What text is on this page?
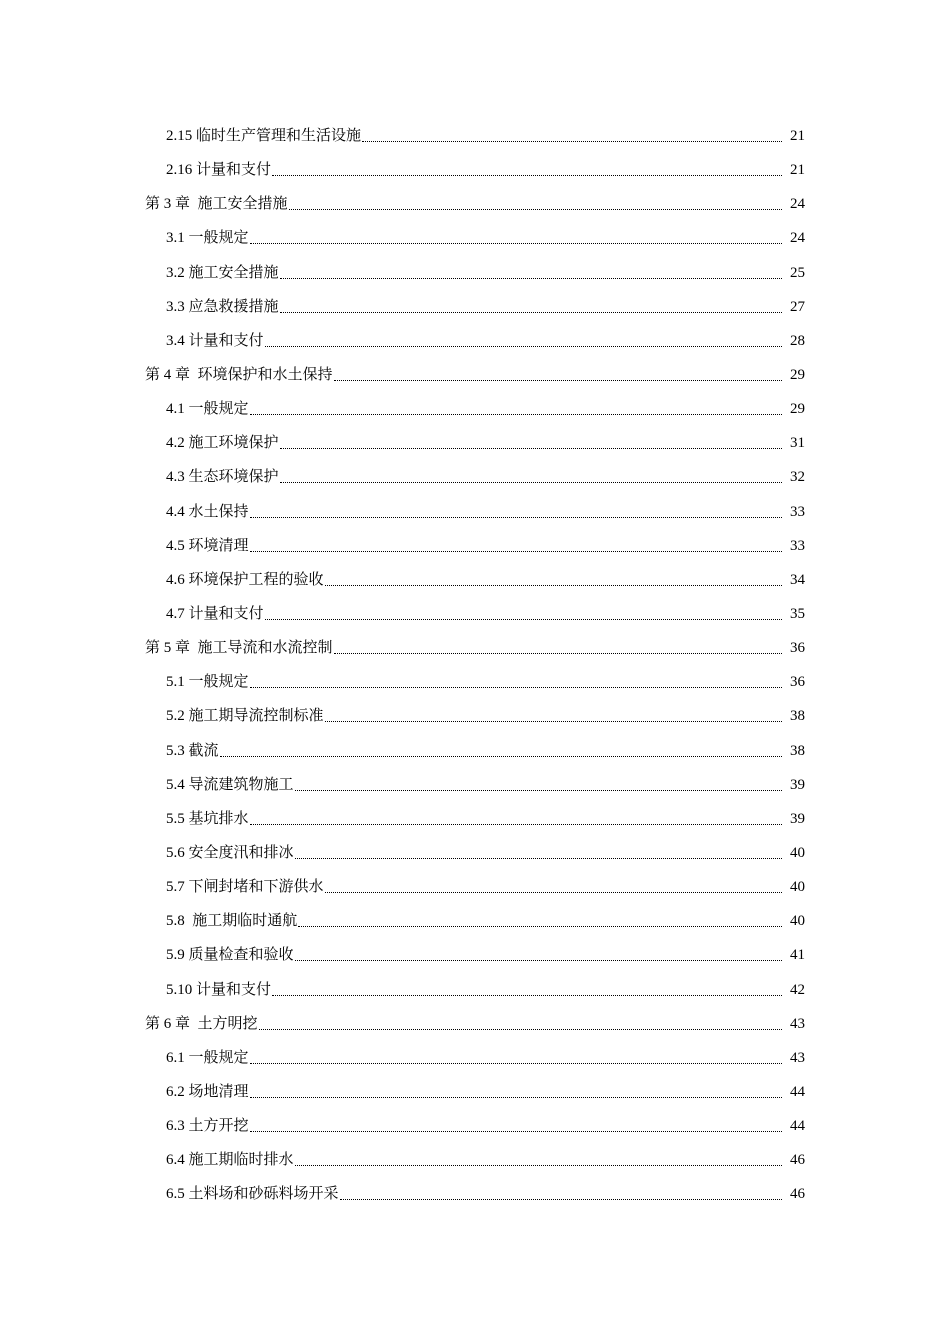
2.15 临时生产管理和生活设施	21
2.16 计量和支付	21
第 3 章  施工安全措施	24
3.1 一般规定	24
3.2 施工安全措施	25
3.3 应急救援措施	27
3.4 计量和支付	28
第 4 章  环境保护和水土保持	29
4.1 一般规定	29
4.2 施工环境保护	31
4.3 生态环境保护	32
4.4 水土保持	33
4.5 环境清理	33
4.6 环境保护工程的验收	34
4.7 计量和支付	35
第 5 章  施工导流和水流控制	36
5.1 一般规定	36
5.2 施工期导流控制标准	38
5.3 截流	38
5.4 导流建筑物施工	39
5.5 基坑排水	39
5.6 安全度汛和排冰	40
5.7 下闸封堵和下游供水	40
5.8  施工期临时通航	40
5.9 质量检查和验收	41
5.10 计量和支付	42
第 6 章  土方明挖	43
6.1 一般规定	43
6.2 场地清理	44
6.3 土方开挖	44
6.4 施工期临时排水	46
6.5 土料场和砂砾料场开采	46
